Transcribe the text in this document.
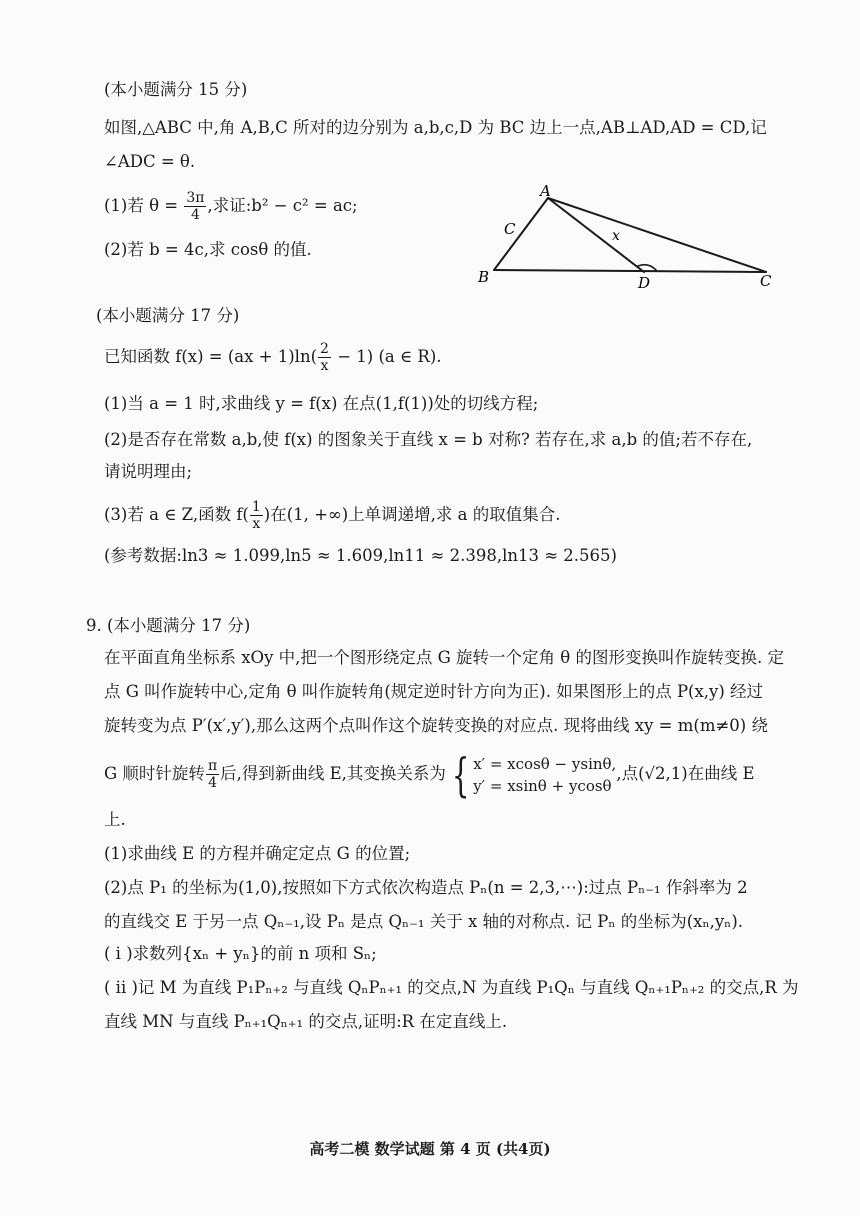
(本小题满分 15 分)
如图,△ABC 中,角 A,B,C 所对的边分别为 a,b,c,D 为 BC 边上一点,AB⊥AD,AD = CD,记
∠ADC = θ.
(1)若 $\theta = \frac{3\pi}{4}$ ,求证:b² − c² = ac;
(2)若 b = 4c,求 cosθ 的值.
A
B	C
D
C	x
(本小题满分 17 分)
已知函数 $f(x) = (ax + 1)\ln( \frac{2}{x} - 1)$ (a ∈ R).
(1)当 a = 1 时,求曲线 y = f(x) 在点(1,f(1))处的切线方程;
(2)是否存在常数 a,b,使 f(x) 的图象关于直线 x = b 对称? 若存在,求 a,b 的值;若不存在,
请说明理由;
(3)若 a ∈ Z,函数 $f( \frac{1}{x}$ )在(1, +∞)上单调递增,求 a 的取值集合.
(参考数据:ln3 ≈ 1.099,ln5 ≈ 1.609,ln11 ≈ 2.398,ln13 ≈ 2.565)
9. (本小题满分 17 分)
在平面直角坐标系 xOy 中,把一个图形绕定点 G 旋转一个定角 θ 的图形变换叫作旋转变换. 定
点 G 叫作旋转中心,定角 θ 叫作旋转角(规定逆时针方向为正). 如果图形上的点 P(x,y) 经过
旋转变为点 P′(x′,y′),那么这两个点叫作这个旋转变换的对应点. 现将曲线 xy = m(m≠0) 绕
G 顺时针旋转 $\frac{\pi}{4}$ 后,得到新曲线 E,其变换关系为 { x′ = xcosθ − ysinθ,
y′ = xsinθ + ycosθ
,点(√2,1)在曲线 E
上.
(1)求曲线 E 的方程并确定定点 G 的位置;
(2)点 P₁ 的坐标为(1,0),按照如下方式依次构造点 Pₙ(n = 2,3,⋯):过点 Pₙ₋₁ 作斜率为 2
的直线交 E 于另一点 Qₙ₋₁,设 Pₙ 是点 Qₙ₋₁ 关于 x 轴的对称点. 记 Pₙ 的坐标为(xₙ,yₙ).
( i )求数列{xₙ + yₙ}的前 n 项和 Sₙ;
( ii )记 M 为直线 P₁Pₙ₊₂ 与直线 QₙPₙ₊₁ 的交点,N 为直线 P₁Qₙ 与直线 Qₙ₊₁Pₙ₊₂ 的交点,R 为
直线 MN 与直线 Pₙ₊₁Qₙ₊₁ 的交点,证明:R 在定直线上.
高考二模 数学试题 第 4 页 (共4页)
